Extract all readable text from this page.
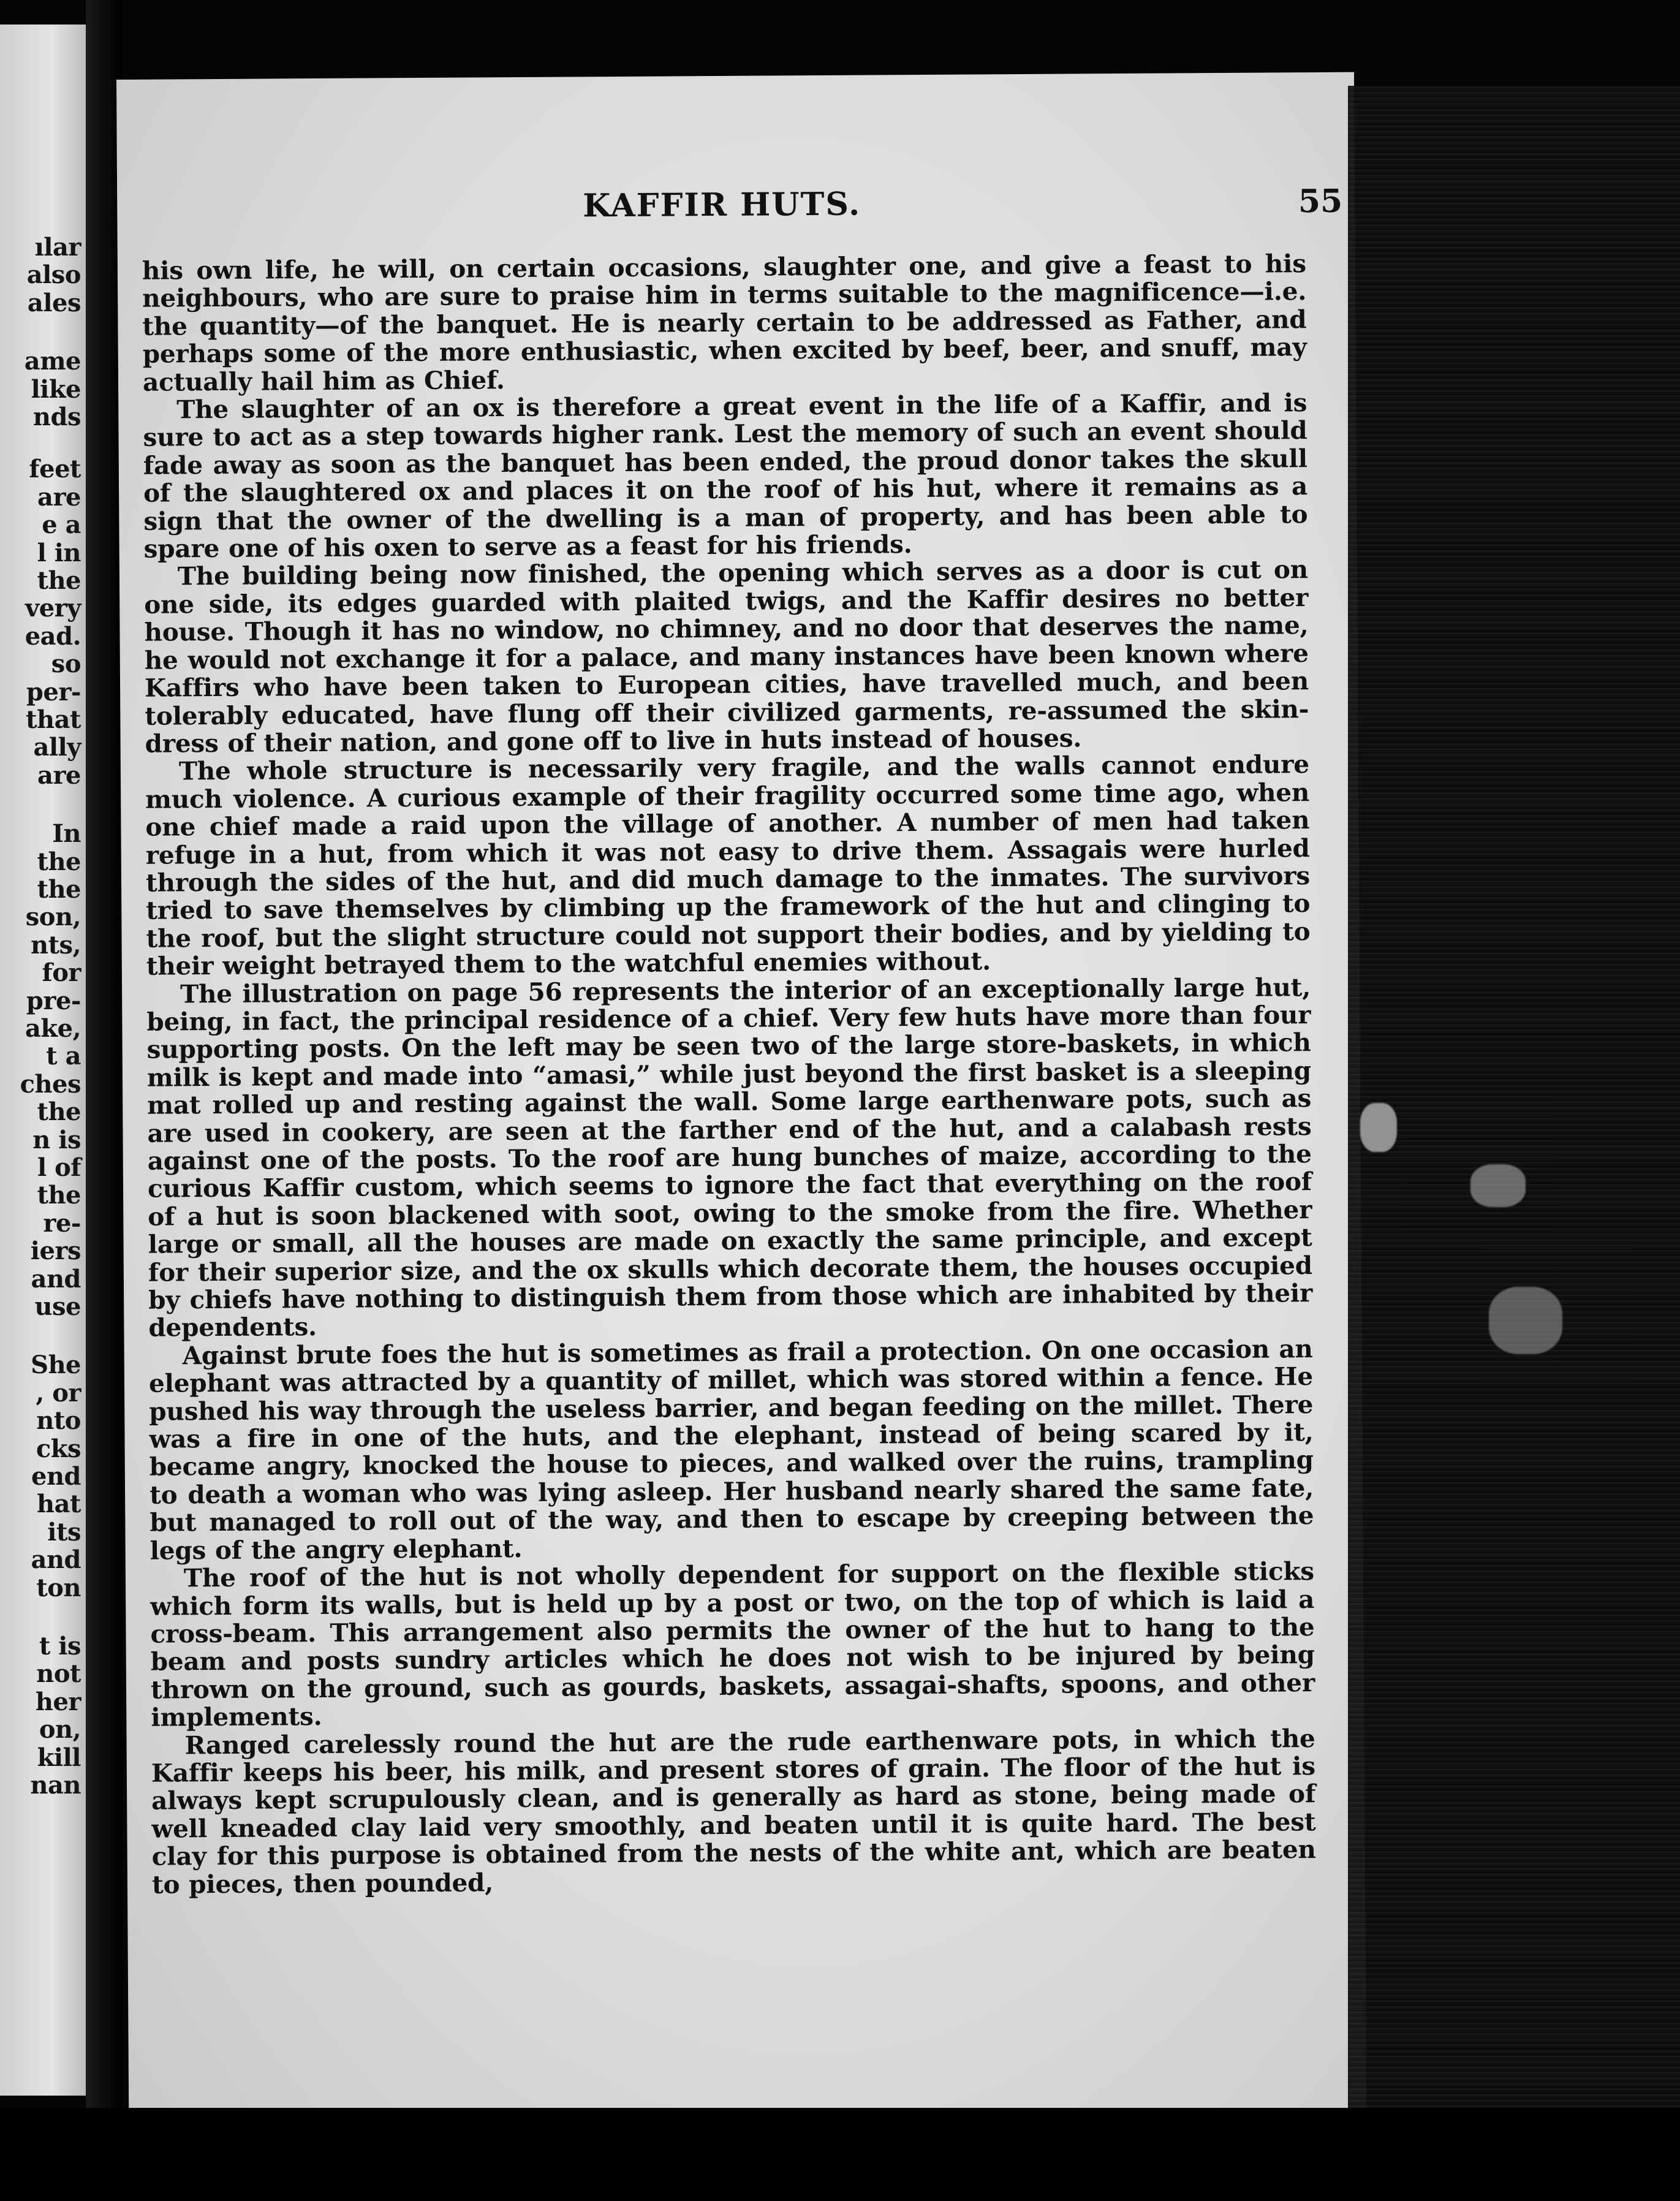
ılar
also
ales
ame
like
nds
feet
are
e a
l in
the
very
ead.
so
per-
that
ally
are
In
the
the
son,
nts,
for
pre-
ake,
t a
ches
the
n is
l of
the
re-
iers
and
use
She
, or
nto
cks
end
hat
its
and
ton
t is
not
her
on,
kill
nan
KAFFIR HUTS.	55

his own life, he will, on certain occasions, slaughter one, and give a feast to his neighbours, who are sure to praise him in terms suitable to the magnificence—i.e. the quantity—of the banquet. He is nearly certain to be addressed as Father, and perhaps some of the more enthusiastic, when excited by beef, beer, and snuff, may actually hail him as Chief.

The slaughter of an ox is therefore a great event in the life of a Kaffir, and is sure to act as a step towards higher rank. Lest the memory of such an event should fade away as soon as the banquet has been ended, the proud donor takes the skull of the slaughtered ox and places it on the roof of his hut, where it remains as a sign that the owner of the dwelling is a man of property, and has been able to spare one of his oxen to serve as a feast for his friends.

The building being now finished, the opening which serves as a door is cut on one side, its edges guarded with plaited twigs, and the Kaffir desires no better house. Though it has no window, no chimney, and no door that deserves the name, he would not exchange it for a palace, and many instances have been known where Kaffirs who have been taken to European cities, have travelled much, and been tolerably educated, have flung off their civilized garments, re-assumed the skin-dress of their nation, and gone off to live in huts instead of houses.

The whole structure is necessarily very fragile, and the walls cannot endure much violence. A curious example of their fragility occurred some time ago, when one chief made a raid upon the village of another. A number of men had taken refuge in a hut, from which it was not easy to drive them. Assagais were hurled through the sides of the hut, and did much damage to the inmates. The survivors tried to save themselves by climbing up the framework of the hut and clinging to the roof, but the slight structure could not support their bodies, and by yielding to their weight betrayed them to the watchful enemies without.

The illustration on page 56 represents the interior of an exceptionally large hut, being, in fact, the principal residence of a chief. Very few huts have more than four supporting posts. On the left may be seen two of the large store-baskets, in which milk is kept and made into “amasi,” while just beyond the first basket is a sleeping mat rolled up and resting against the wall. Some large earthenware pots, such as are used in cookery, are seen at the farther end of the hut, and a calabash rests against one of the posts. To the roof are hung bunches of maize, according to the curious Kaffir custom, which seems to ignore the fact that everything on the roof of a hut is soon blackened with soot, owing to the smoke from the fire. Whether large or small, all the houses are made on exactly the same principle, and except for their superior size, and the ox skulls which decorate them, the houses occupied by chiefs have nothing to distinguish them from those which are inhabited by their dependents.

Against brute foes the hut is sometimes as frail a protection. On one occasion an elephant was attracted by a quantity of millet, which was stored within a fence. He pushed his way through the useless barrier, and began feeding on the millet. There was a fire in one of the huts, and the elephant, instead of being scared by it, became angry, knocked the house to pieces, and walked over the ruins, trampling to death a woman who was lying asleep. Her husband nearly shared the same fate, but managed to roll out of the way, and then to escape by creeping between the legs of the angry elephant.

The roof of the hut is not wholly dependent for support on the flexible sticks which form its walls, but is held up by a post or two, on the top of which is laid a cross-beam. This arrangement also permits the owner of the hut to hang to the beam and posts sundry articles which he does not wish to be injured by being thrown on the ground, such as gourds, baskets, assagai-shafts, spoons, and other implements.

Ranged carelessly round the hut are the rude earthenware pots, in which the Kaffir keeps his beer, his milk, and present stores of grain. The floor of the hut is always kept scrupulously clean, and is generally as hard as stone, being made of well kneaded clay laid very smoothly, and beaten until it is quite hard. The best clay for this purpose is obtained from the nests of the white ant, which are beaten to pieces, then pounded,
